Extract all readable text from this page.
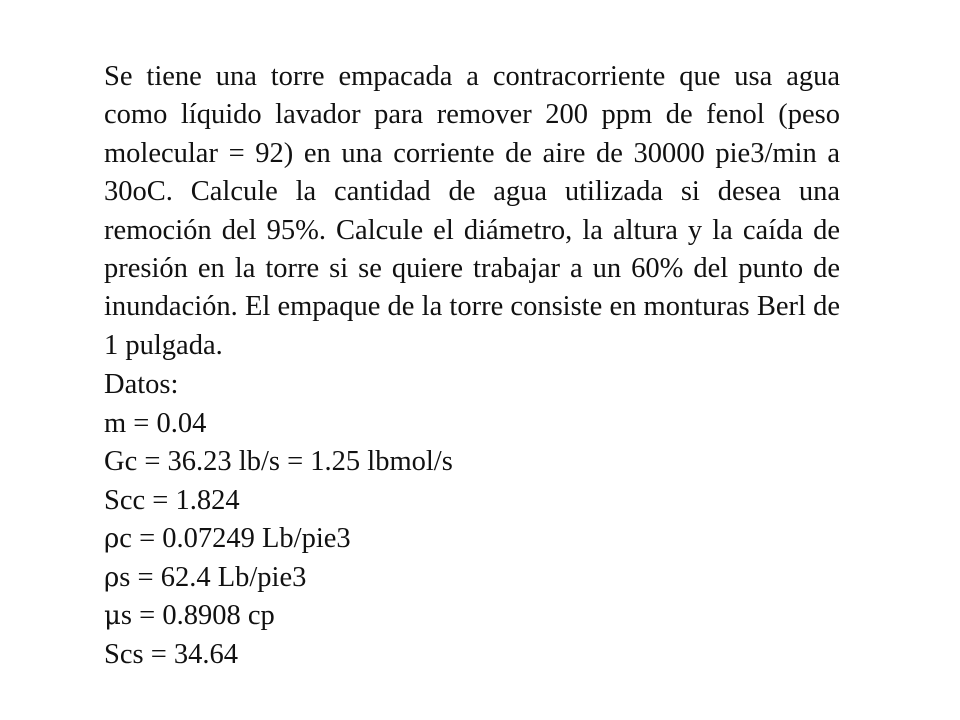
Se tiene una torre empacada a contracorriente que usa agua como líquido lavador para remover 200 ppm de fenol (peso molecular = 92) en una corriente de aire de 30000 pie3/min a 30oC. Calcule la cantidad de agua utilizada si desea una remoción del 95%. Calcule el diámetro, la altura y la caída de presión en la torre si se quiere trabajar a un 60% del punto de inundación. El empaque de la torre consiste en monturas Berl de 1 pulgada.

Datos:
m = 0.04
Gc = 36.23 lb/s = 1.25 lbmol/s
Scc = 1.824
ρc = 0.07249 Lb/pie3
ρs = 62.4 Lb/pie3
μs = 0.8908 cp
Scs = 34.64
